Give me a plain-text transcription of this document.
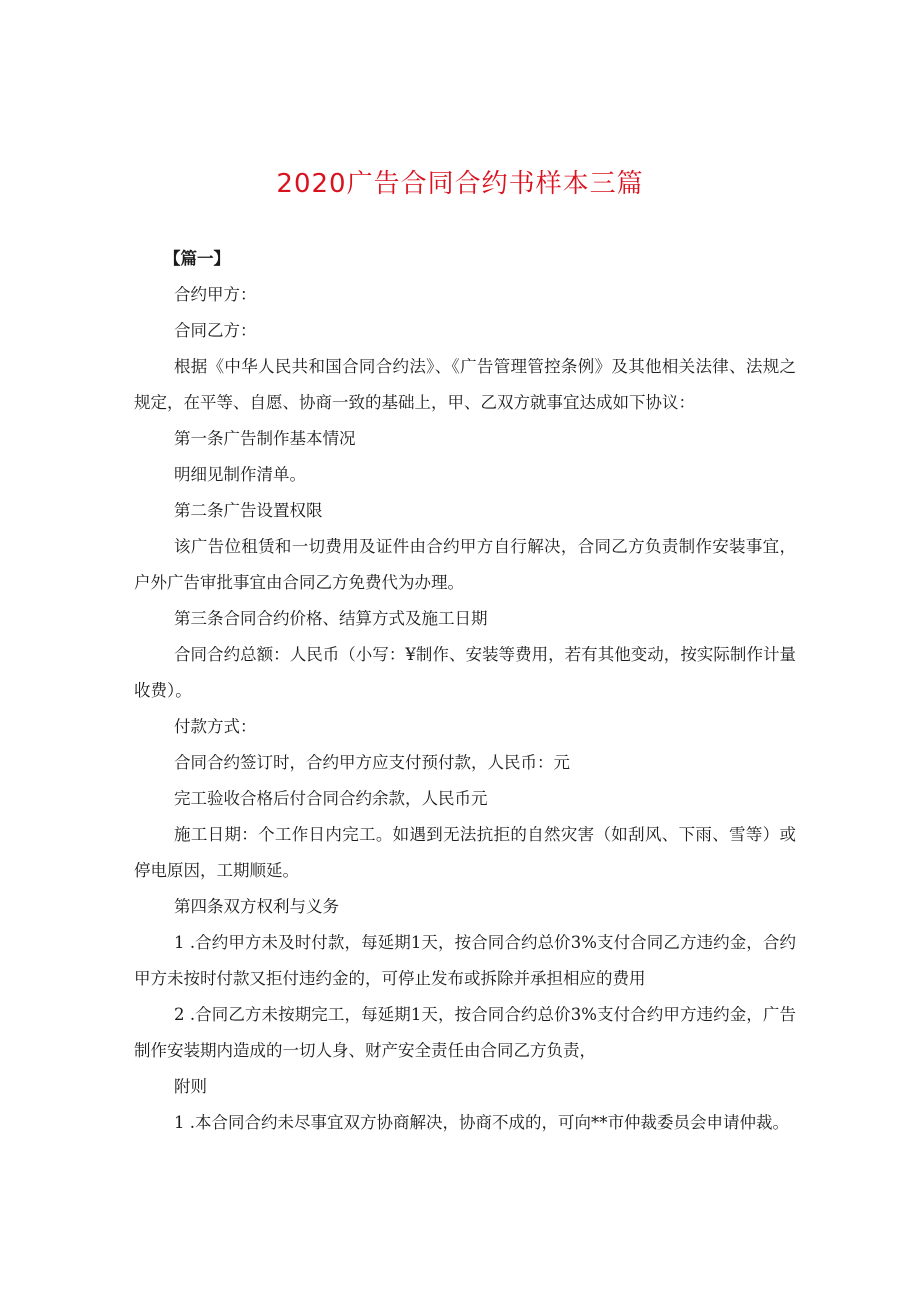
2020广告合同合约书样本三篇

【篇一】

合约甲方：

合同乙方：

根据《中华人民共和国合同合约法》、《广告管理管控条例》及其他相关法律、法规之规定，在平等、自愿、协商一致的基础上，甲、乙双方就事宜达成如下协议：

第一条广告制作基本情况

明细见制作清单。

第二条广告设置权限

该广告位租赁和一切费用及证件由合约甲方自行解决，合同乙方负责制作安装事宜，户外广告审批事宜由合同乙方免费代为办理。

第三条合同合约价格、结算方式及施工日期

合同合约总额：人民币（小写：¥制作、安装等费用，若有其他变动，按实际制作计量收费）。

付款方式：

合同合约签订时，合约甲方应支付预付款，人民币：元

完工验收合格后付合同合约余款，人民币元

施工日期：个工作日内完工。如遇到无法抗拒的自然灾害（如刮风、下雨、雪等）或停电原因，工期顺延。

第四条双方权利与义务

1 .合约甲方未及时付款，每延期1天，按合同合约总价3%支付合同乙方违约金，合约甲方未按时付款又拒付违约金的，可停止发布或拆除并承担相应的费用

2 .合同乙方未按期完工，每延期1天，按合同合约总价3%支付合约甲方违约金，广告制作安装期内造成的一切人身、财产安全责任由合同乙方负责，

附则

1 .本合同合约未尽事宜双方协商解决，协商不成的，可向**市仲裁委员会申请仲裁。
